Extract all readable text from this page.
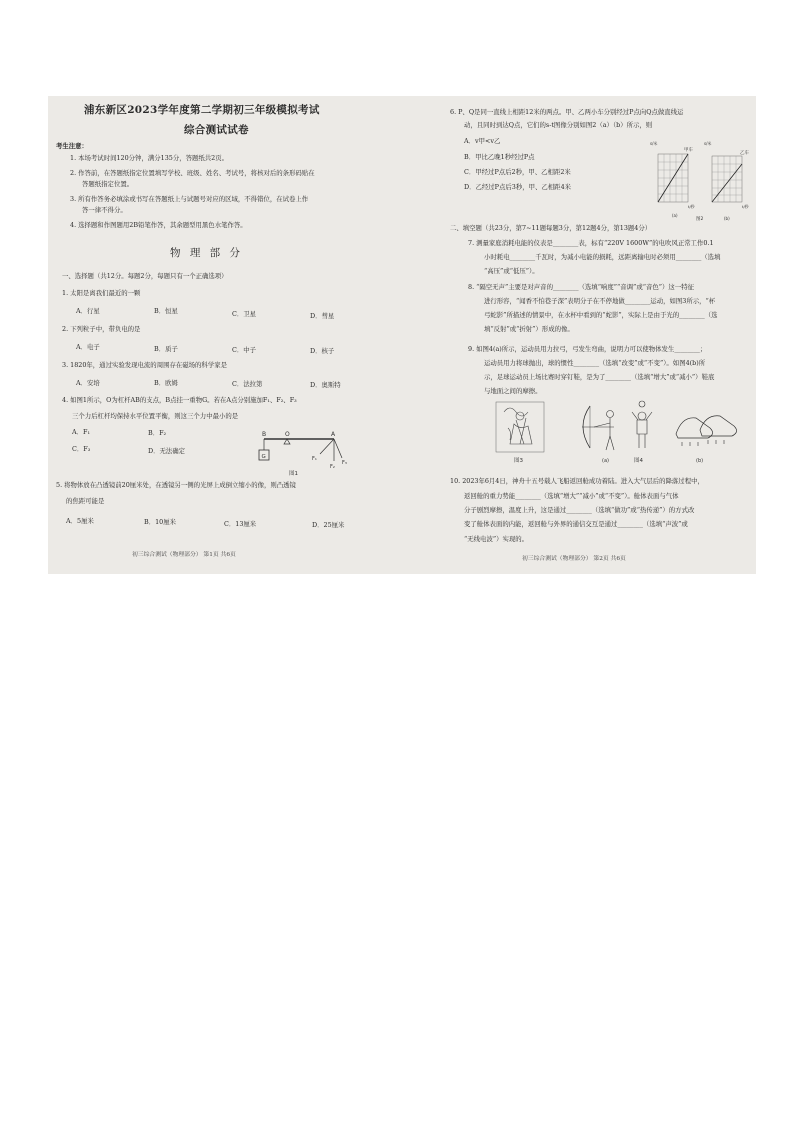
浦东新区2023学年度第二学期初三年级模拟考试
综合测试试卷
考生注意：
1. 本场考试时间120分钟，满分135分，答题纸共2页。
2. 作答前，在答题纸指定位置填写学校、班级、姓名、考试号，将核对后的条形码贴在
答题纸指定位置。
3. 所有作答务必填涂或书写在答题纸上与试题号对应的区域，不得错位，在试卷上作
答一律不得分。
4. 选择题和作图题用2B铅笔作答，其余题型用黑色水笔作答。
物 理 部 分
一、选择题（共12分。每题2分，每题只有一个正确选项）
1. 太阳是离我们最近的一颗
A．行星	B．恒星	C．卫星	D．彗星
2. 下列粒子中，带负电的是
A．电子	B．质子	C．中子	D．核子
3. 1820年，通过实验发现电流的周围存在磁场的科学家是
A．安培	B．欧姆	C．法拉第	D．奥斯特
4. 如图1所示，O为杠杆AB的支点，B点挂一重物G。若在A点分别施加F₁、F₂、F₃
三个力后杠杆均保持水平位置平衡，则这三个力中最小的是
A．F₁	B．F₂
C．F₃	D．无法确定
B	O	A
G	F₁
F₂
F₃
图1
5. 将物体放在凸透镜前20厘米处，在透镜另一侧的光屏上成倒立缩小的像，则凸透镜
的焦距可能是
A．5厘米	B．10厘米	C．13厘米	D．25厘米
初三综合测试（物理部分） 第1页 共6页
6. P、Q是同一直线上相距12米的两点。甲、乙两小车分别经过P点向Q点做直线运
动，且同时到达Q点，它们的s-t图像分别如图2（a）（b）所示，则
A．v甲<v乙
B．甲比乙晚1秒经过P点
C．甲经过P点后2秒，甲、乙相距2米
D．乙经过P点后3秒，甲、乙相距4米
s/米
甲车
(a)
s/米
乙车
t/秒
(b)
t/秒
图2
二、填空题（共23分，第7~11题每题3分，第12题4分，第13题4分）
7. 测量家庭消耗电能的仪表是________表，标有“220V 1600W”的电吹风正常工作0.1
小时耗电________千瓦时，为减小电能的损耗，远距离输电时必须用________（选填
“高压”或“低压”）。
8. “隔空无声”主要是对声音的________（选填“响度”“音调”或“音色”）这一特征
进行形容，“闻香不怕巷子深”表明分子在不停地做________运动，如图3所示，“杯
弓蛇影”所描述的情景中，在水杯中看到的“蛇影”，实际上是由于光的________（选
填“反射”或“折射”）形成的像。
9. 如图4(a)所示，运动员用力拉弓，弓发生弯曲，说明力可以使物体发生________；
运动员用力将球抛出，球的惯性________（选填“改变”或“不变”）。如图4(b)所
示，足球运动员上场比赛时穿钉鞋，是为了________（选填“增大”或“减小”）鞋底
与地面之间的摩擦。
图3	(a)	图4	(b)
10. 2023年6月4日，神舟十五号载人飞船返回舱成功着陆。进入大气层后的降落过程中，
返回舱的重力势能________（选填“增大”“减小”或“不变”）。舱体表面与气体
分子剧烈摩擦，温度上升，这是通过________（选填“做功”或“热传递”）的方式改
变了舱体表面的内能，返回舱与外界的通信交互是通过________（选填“声波”或
“无线电波”）实现的。
初三综合测试（物理部分） 第2页 共6页
